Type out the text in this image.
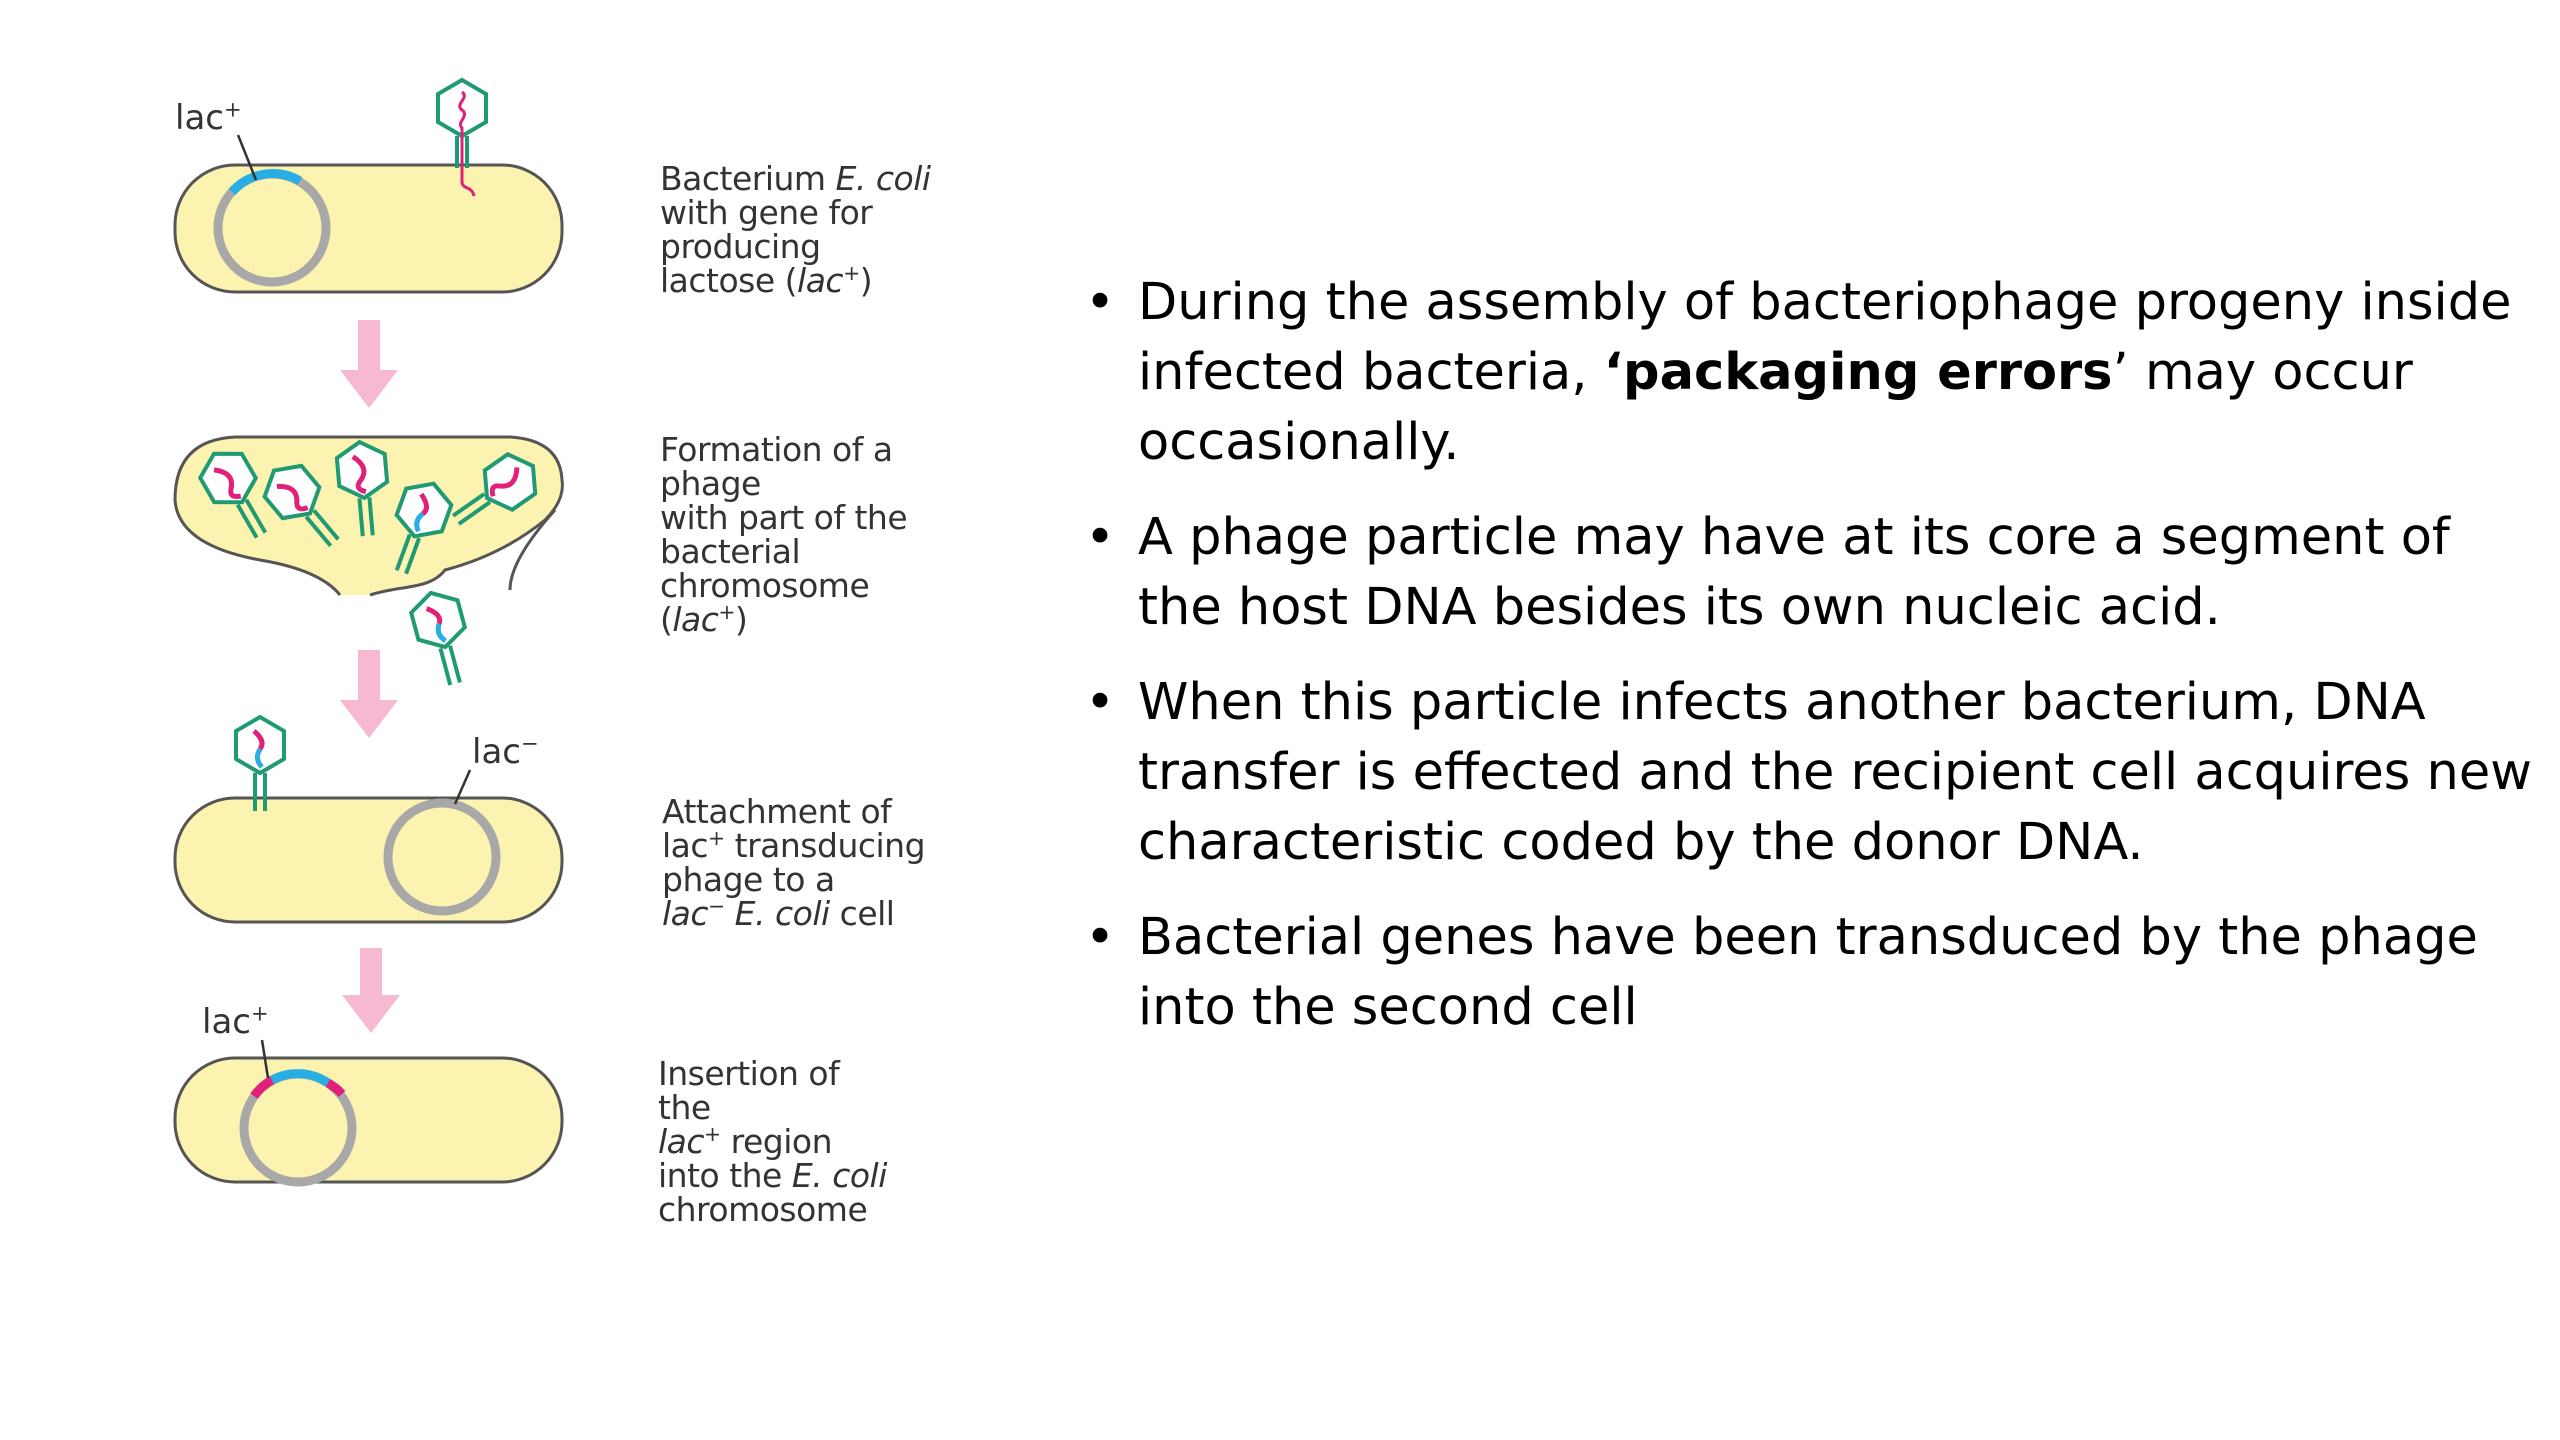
lac+
lac−
lac+
Bacterium E. coli
with gene for
producing
lactose (lac+)
Formation of a
phage
with part of the
bacterial
chromosome
(lac+)
Attachment of
lac+ transducing
phage to a
lac− E. coli cell
Insertion of
the
lac+ region
into the E. coli
chromosome
• During the assembly of bacteriophage progeny inside infected bacteria, ‘packaging errors’ may occur occasionally.
• A phage particle may have at its core a segment of the host DNA besides its own nucleic acid.
• When this particle infects another bacterium, DNA transfer is effected and the recipient cell acquires new characteristic coded by the donor DNA.
• Bacterial genes have been transduced by the phage into the second cell
